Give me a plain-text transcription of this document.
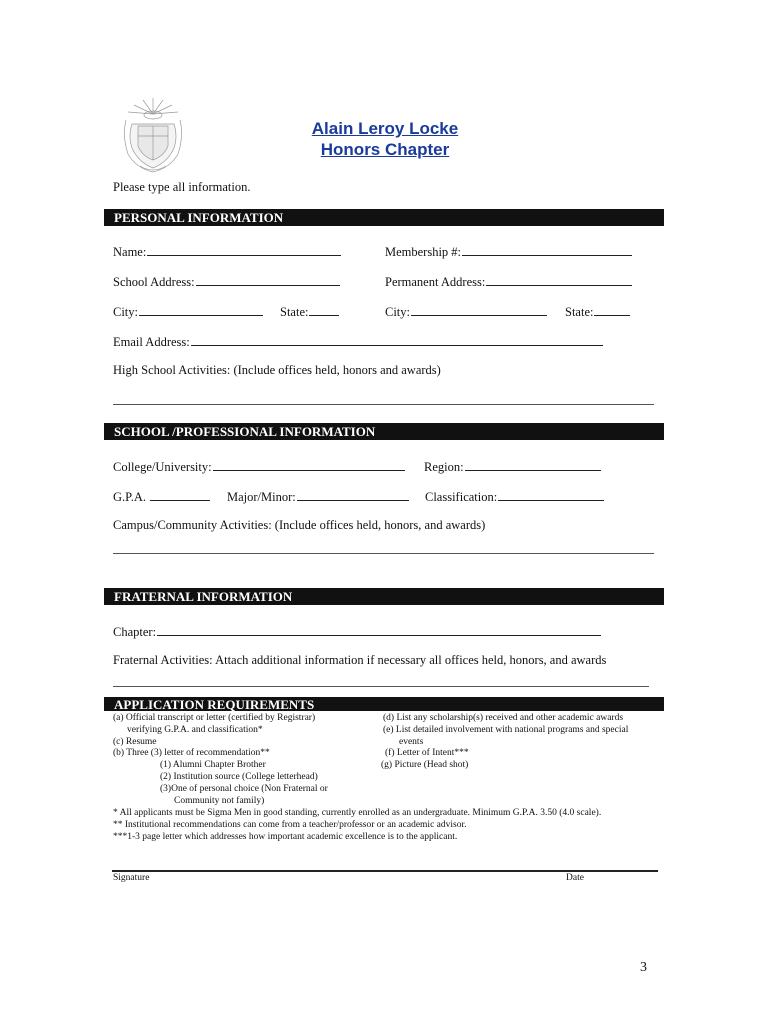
Alain Leroy Locke
Honors Chapter
Please type all information.
PERSONAL INFORMATION
Name:	Membership #:
School Address:	Permanent Address:
City:	State:	City:	State:
Email Address:
High School Activities: (Include offices held, honors and awards)
SCHOOL /PROFESSIONAL INFORMATION
College/University:	Region:
G.P.A.	Major/Minor:	Classification:
Campus/Community Activities: (Include offices held, honors, and awards)
FRATERNAL INFORMATION
Chapter:
Fraternal Activities: Attach additional information if necessary all offices held, honors, and awards
APPLICATION REQUIREMENTS
(a) Official transcript or letter (certified by Registrar)
verifying G.P.A. and classification*
(c) Resume
(b) Three (3) letter of recommendation**
(1) Alumni Chapter Brother
(2) Institution source (College letterhead)
(3)One of personal choice (Non Fraternal or
Community not family)
(d) List any scholarship(s) received and other academic awards
(e) List detailed involvement with national programs and special
events
(f) Letter of Intent***
(g) Picture (Head shot)
* All applicants must be Sigma Men in good standing, currently enrolled as an undergraduate. Minimum G.P.A. 3.50 (4.0 scale).
** Institutional recommendations can come from a teacher/professor or an academic advisor.
***1-3 page letter which addresses how important academic excellence is to the applicant.
Signature	Date
3
